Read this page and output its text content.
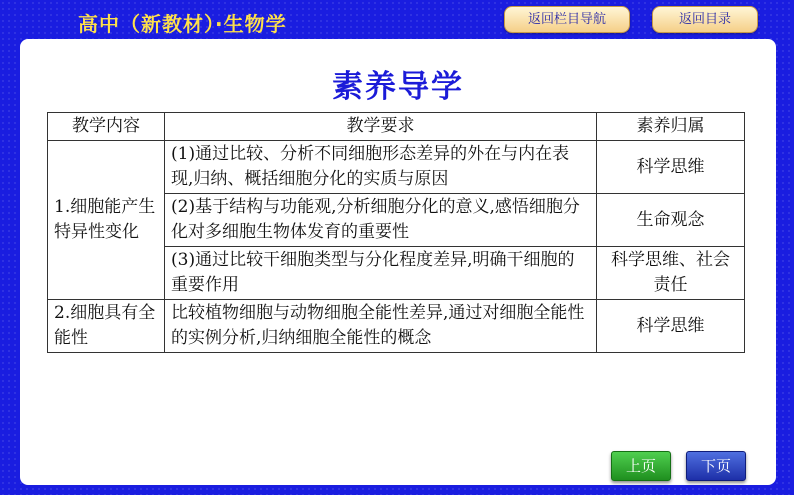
高中（新教材）·生物学	返回栏目导航	返回目录
素养导学
教学内容	教学要求	素养归属
1.细胞能产生特异性变化	(1)通过比较、分析不同细胞形态差异的外在与内在表现,归纳、概括细胞分化的实质与原因	科学思维
	(2)基于结构与功能观,分析细胞分化的意义,感悟细胞分化对多细胞生物体发育的重要性	生命观念
	(3)通过比较干细胞类型与分化程度差异,明确干细胞的重要作用	科学思维、社会责任
2.细胞具有全能性	比较植物细胞与动物细胞全能性差异,通过对细胞全能性的实例分析,归纳细胞全能性的概念	科学思维
上页	下页
